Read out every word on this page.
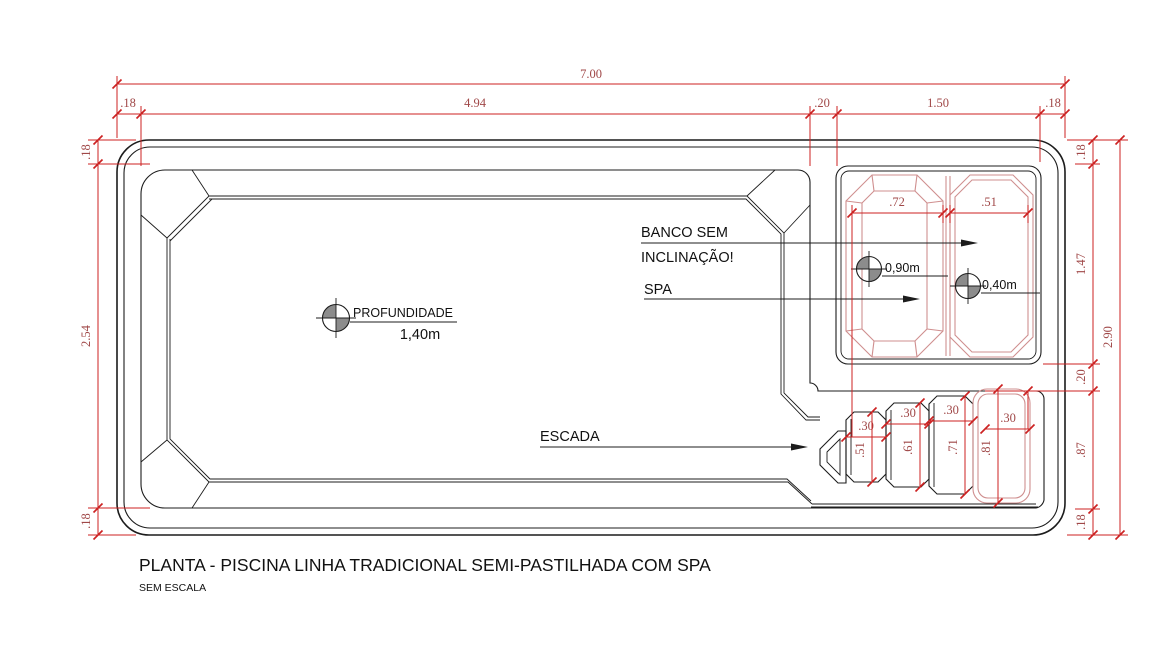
BANCO SEM
INCLINAÇÃO!
SPA
ESCADA
PROFUNDIDADE
1,40m
0,90m
0,40m
7.00
.18	4.94	.20	1.50	.18
.18
2.54
.18
.18
1.47
.20
.87
.18
2.90
.72	.51
.30
.30 .30
.30
.51	.61 .71 .81
PLANTA - PISCINA LINHA TRADICIONAL SEMI-PASTILHADA COM SPA
SEM ESCALA
